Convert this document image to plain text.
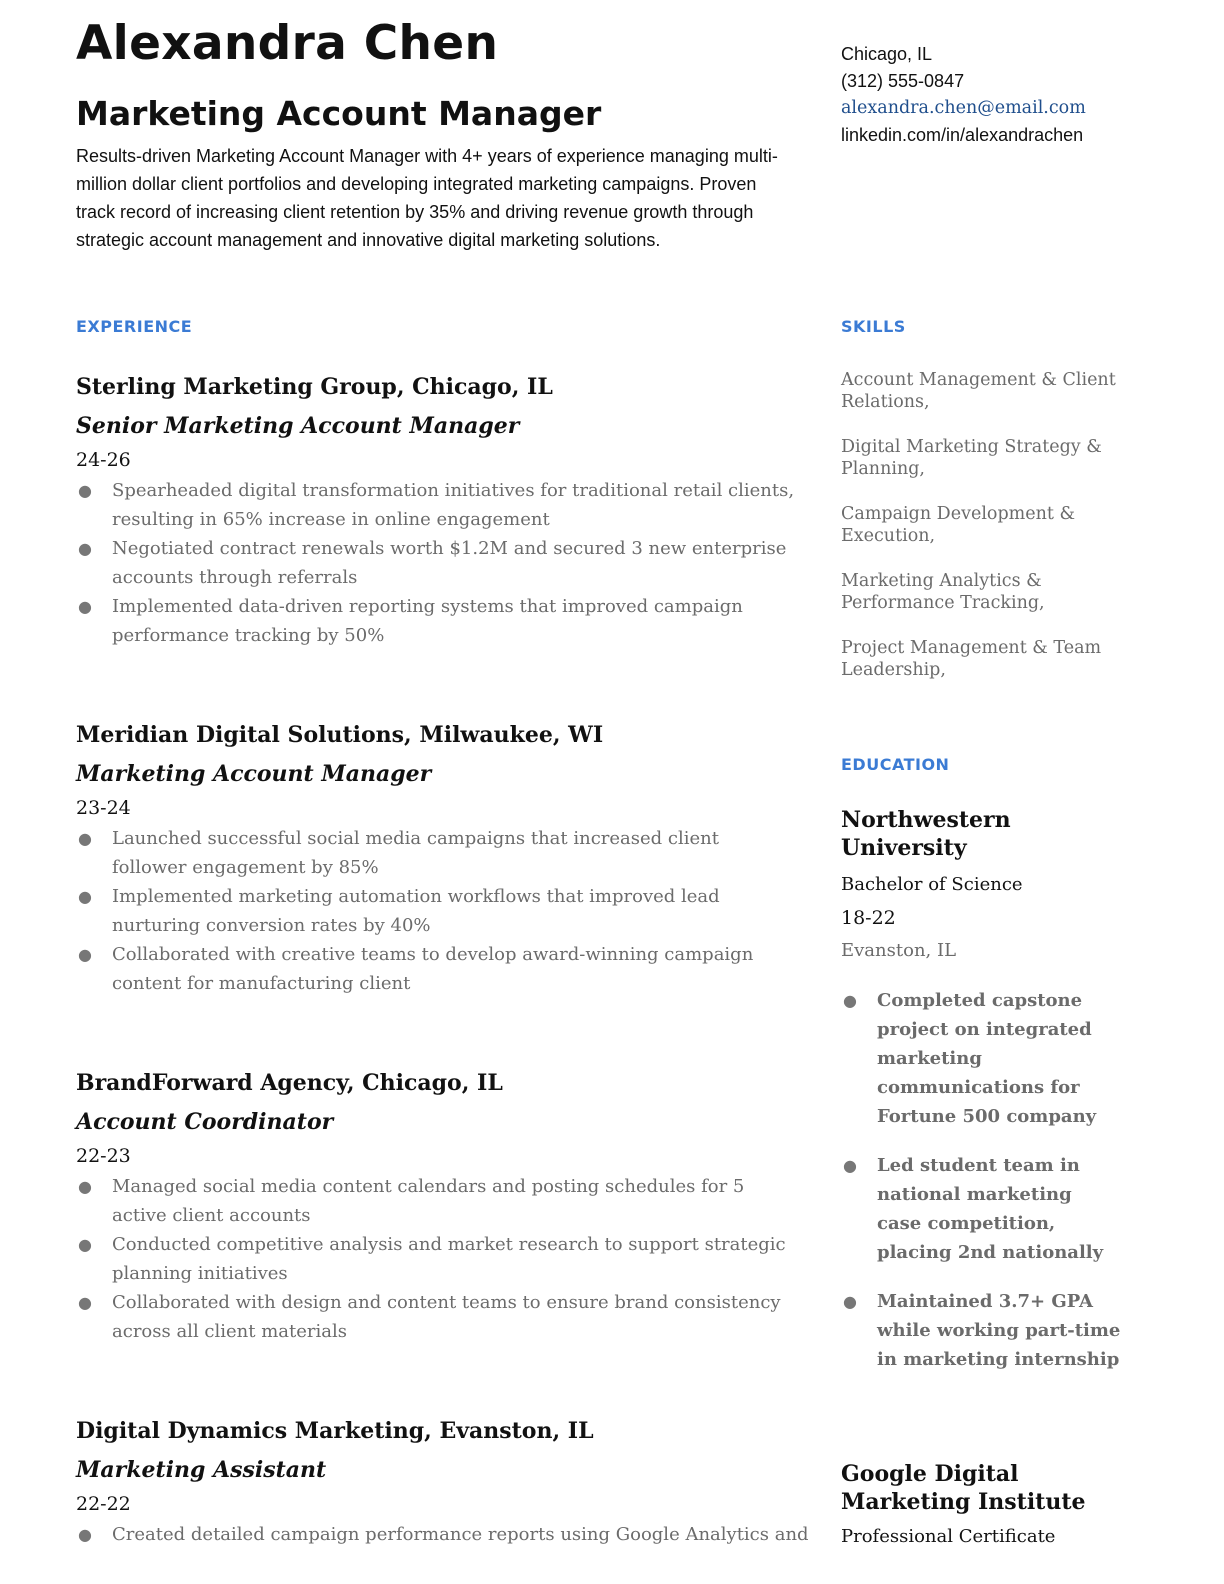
Alexandra Chen
Marketing Account Manager

Results-driven Marketing Account Manager with 4+ years of experience managing multi-million dollar client portfolios and developing integrated marketing campaigns. Proven track record of increasing client retention by 35% and driving revenue growth through strategic account management and innovative digital marketing solutions.

Chicago, IL
(312) 555-0847
alexandra.chen@email.com
linkedin.com/in/alexandrachen
EXPERIENCE	SKILLS
EDUCATION

Sterling Marketing Group, Chicago, IL

Senior Marketing Account Manager

24-26

● Spearheaded digital transformation initiatives for traditional retail clients, resulting in 65% increase in online engagement
● Negotiated contract renewals worth $1.2M and secured 3 new enterprise accounts through referrals
● Implemented data-driven reporting systems that improved campaign performance tracking by 50%

Meridian Digital Solutions, Milwaukee, WI

Marketing Account Manager

23-24

● Launched successful social media campaigns that increased client follower engagement by 85%
● Implemented marketing automation workflows that improved lead nurturing conversion rates by 40%
● Collaborated with creative teams to develop award-winning campaign content for manufacturing client

BrandForward Agency, Chicago, IL

Account Coordinator

22-23

● Managed social media content calendars and posting schedules for 5 active client accounts
● Conducted competitive analysis and market research to support strategic planning initiatives
● Collaborated with design and content teams to ensure brand consistency across all client materials

Digital Dynamics Marketing, Evanston, IL

Marketing Assistant

22-22

● Created detailed campaign performance reports using Google Analytics and
Account Management & Client Relations,
Digital Marketing Strategy & Planning,
Campaign Development & Execution,
Marketing Analytics & Performance Tracking,
Project Management & Team Leadership,

Northwestern University

Bachelor of Science

18-22

Evanston, IL

● Completed capstone project on integrated marketing communications for Fortune 500 company
● Led student team in national marketing case competition, placing 2nd nationally
● Maintained 3.7+ GPA while working part-time in marketing internship

Google Digital Marketing Institute

Professional Certificate
